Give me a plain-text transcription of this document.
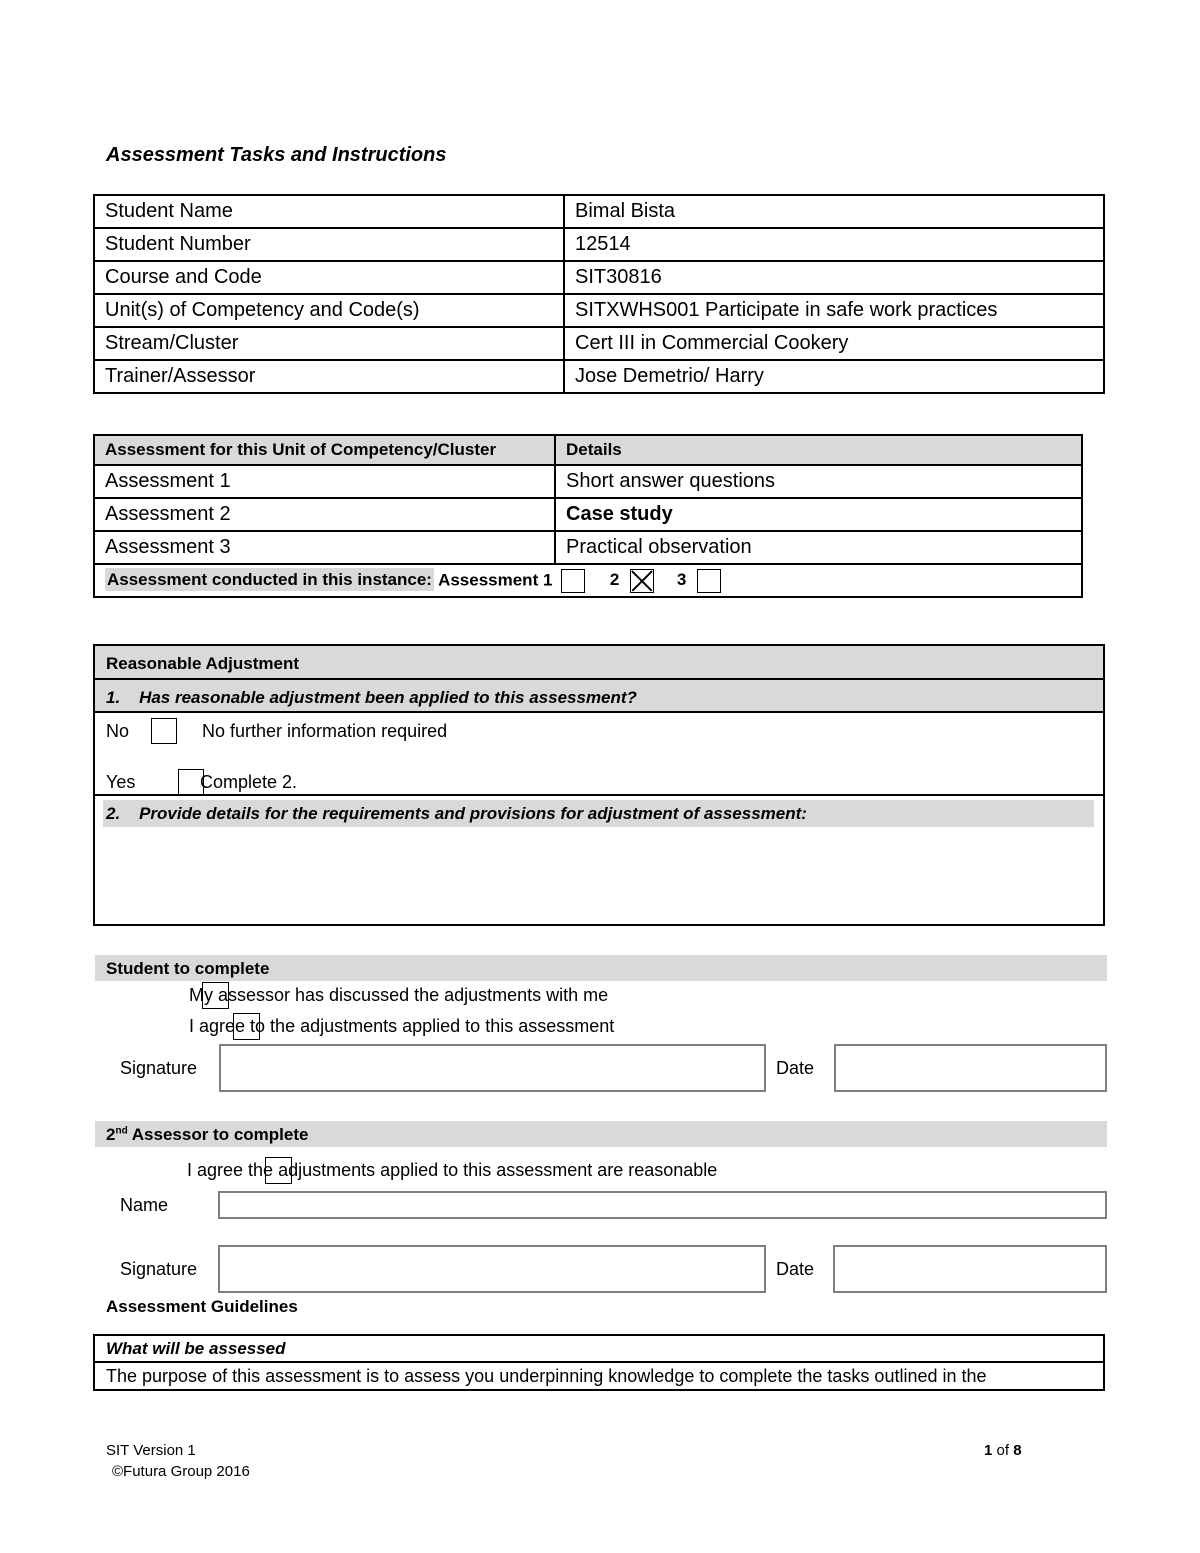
Assessment Tasks and Instructions
Student Name	Bimal Bista
Student Number	12514
Course and Code	SIT30816
Unit(s) of Competency and Code(s)	SITXWHS001 Participate in safe work practices
Stream/Cluster	Cert III in Commercial Cookery
Trainer/Assessor	Jose Demetrio/ Harry
Assessment for this Unit of Competency/Cluster	Details
Assessment 1	Short answer questions
Assessment 2	Case study
Assessment 3	Practical observation
Assessment conducted in this instance: Assessment 1 2 3	
Reasonable Adjustment
1.    Has reasonable adjustment been applied to this assessment?
No
	No further information required
Yes
	Complete 2.
2.    Provide details for the requirements and provisions for adjustment of assessment:
Student to complete

My assessor has discussed the adjustments with me

I agree to the adjustments applied to this assessment
Signature	Date
2nd Assessor to complete
I agree the adjustments applied to this assessment are reasonable
Name
Signature	Date
Assessment Guidelines
What will be assessed
The purpose of this assessment is to assess you underpinning knowledge to complete the tasks outlined in the
SIT Version 1
©Futura Group 2016
1 of 8
